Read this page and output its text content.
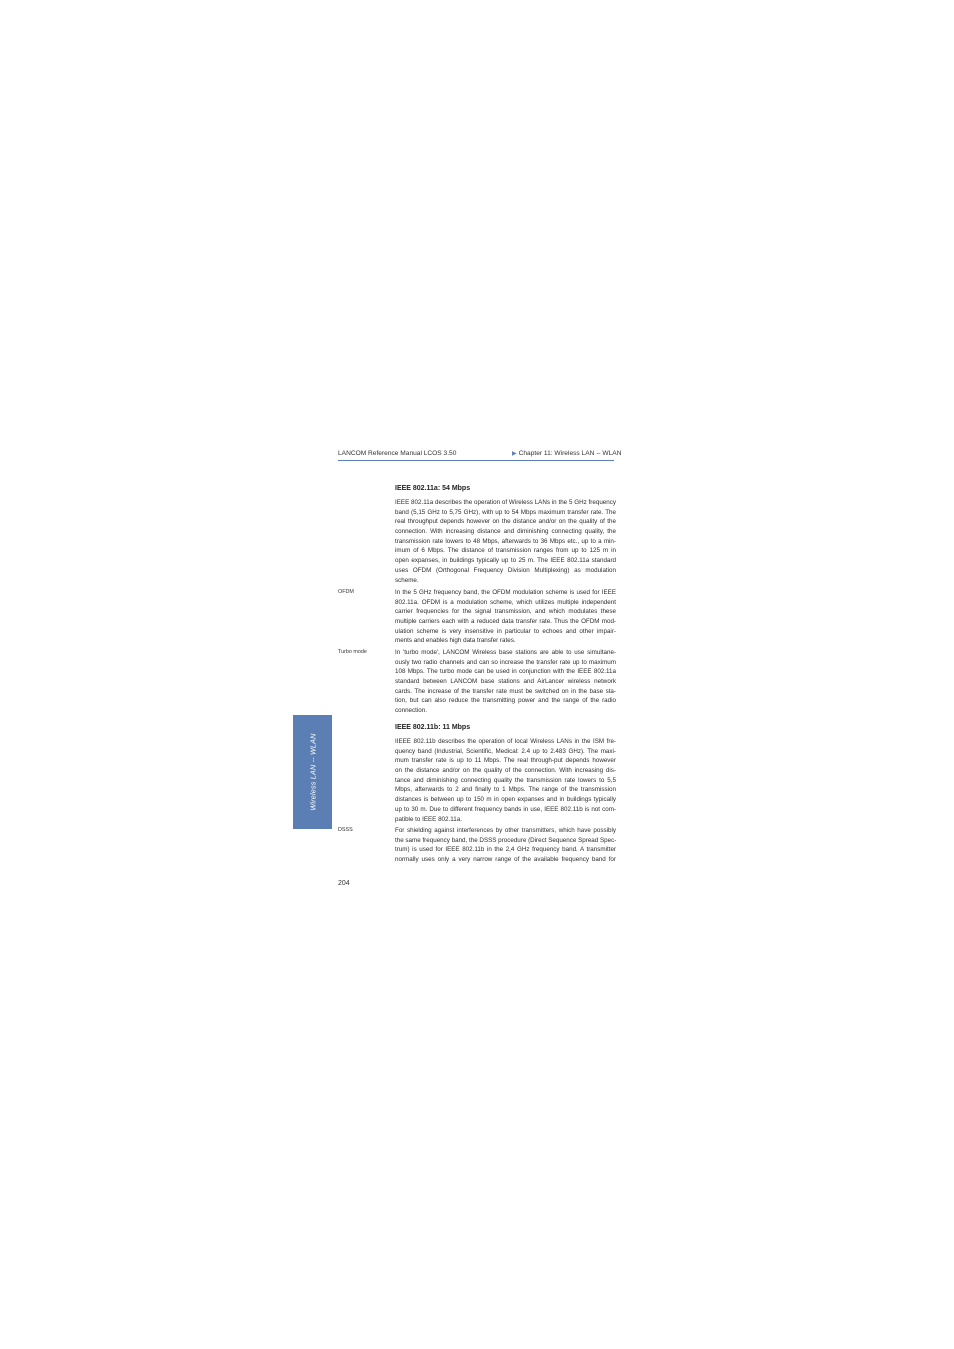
LANCOM Reference Manual LCOS 3.50	▶ Chapter 11: Wireless LAN -- WLAN
Wireless LAN -- WLAN
IEEE 802.11a: 54 Mbps
IEEE 802.11a describes the operation of Wireless LANs in the 5 GHz frequency
band (5,15 GHz to 5,75 GHz), with up to 54 Mbps maximum transfer rate. The
real throughput depends however on the distance and/or on the quality of the
connection. With increasing distance and diminishing connecting quality, the
transmission rate lowers to 48 Mbps, afterwards to 36 Mbps etc., up to a min-
imum of 6 Mbps. The distance of transmission ranges from up to 125 m in
open expanses, in buildings typically up to 25 m. The IEEE 802.11a standard
uses OFDM (Orthogonal Frequency Division Multiplexing) as modulation
scheme.
OFDM	In the 5 GHz frequency band, the OFDM modulation scheme is used for IEEE
802.11a. OFDM is a modulation scheme, which utilizes multiple independent
carrier frequencies for the signal transmission, and which modulates these
multiple carriers each with a reduced data transfer rate. Thus the OFDM mod-
ulation scheme is very insensitive in particular to echoes and other impair-
ments and enables high data transfer rates.
Turbo mode	In 'turbo mode', LANCOM Wireless base stations are able to use simultane-
ously two radio channels and can so increase the transfer rate up to maximum
108 Mbps. The turbo mode can be used in conjunction with the IEEE 802.11a
standard between LANCOM base stations and AirLancer wireless network
cards. The increase of the transfer rate must be switched on in the base sta-
tion, but can also reduce the transmitting power and the range of the radio
connection.
IEEE 802.11b: 11 Mbps
IIEEE 802.11b describes the operation of local Wireless LANs in the ISM fre-
quency band (Industrial, Scientific, Medical: 2.4 up to 2.483 GHz). The maxi-
mum transfer rate is up to 11 Mbps. The real through-put depends however
on the distance and/or on the quality of the connection. With increasing dis-
tance and diminishing connecting quality the transmission rate lowers to 5,5
Mbps, afterwards to 2 and finally to 1 Mbps. The range of the transmission
distances is between up to 150 m in open expanses and in buildings typically
up to 30 m. Due to different frequency bands in use, IEEE 802.11b is not com-
patible to IEEE 802.11a.
DSSS	For shielding against interferences by other transmitters, which have possibly
the same frequency band, the DSSS procedure (Direct Sequence Spread Spec-
trum) is used for IEEE 802.11b in the 2,4 GHz frequency band. A transmitter
normally uses only a very narrow range of the available frequency band for
204
